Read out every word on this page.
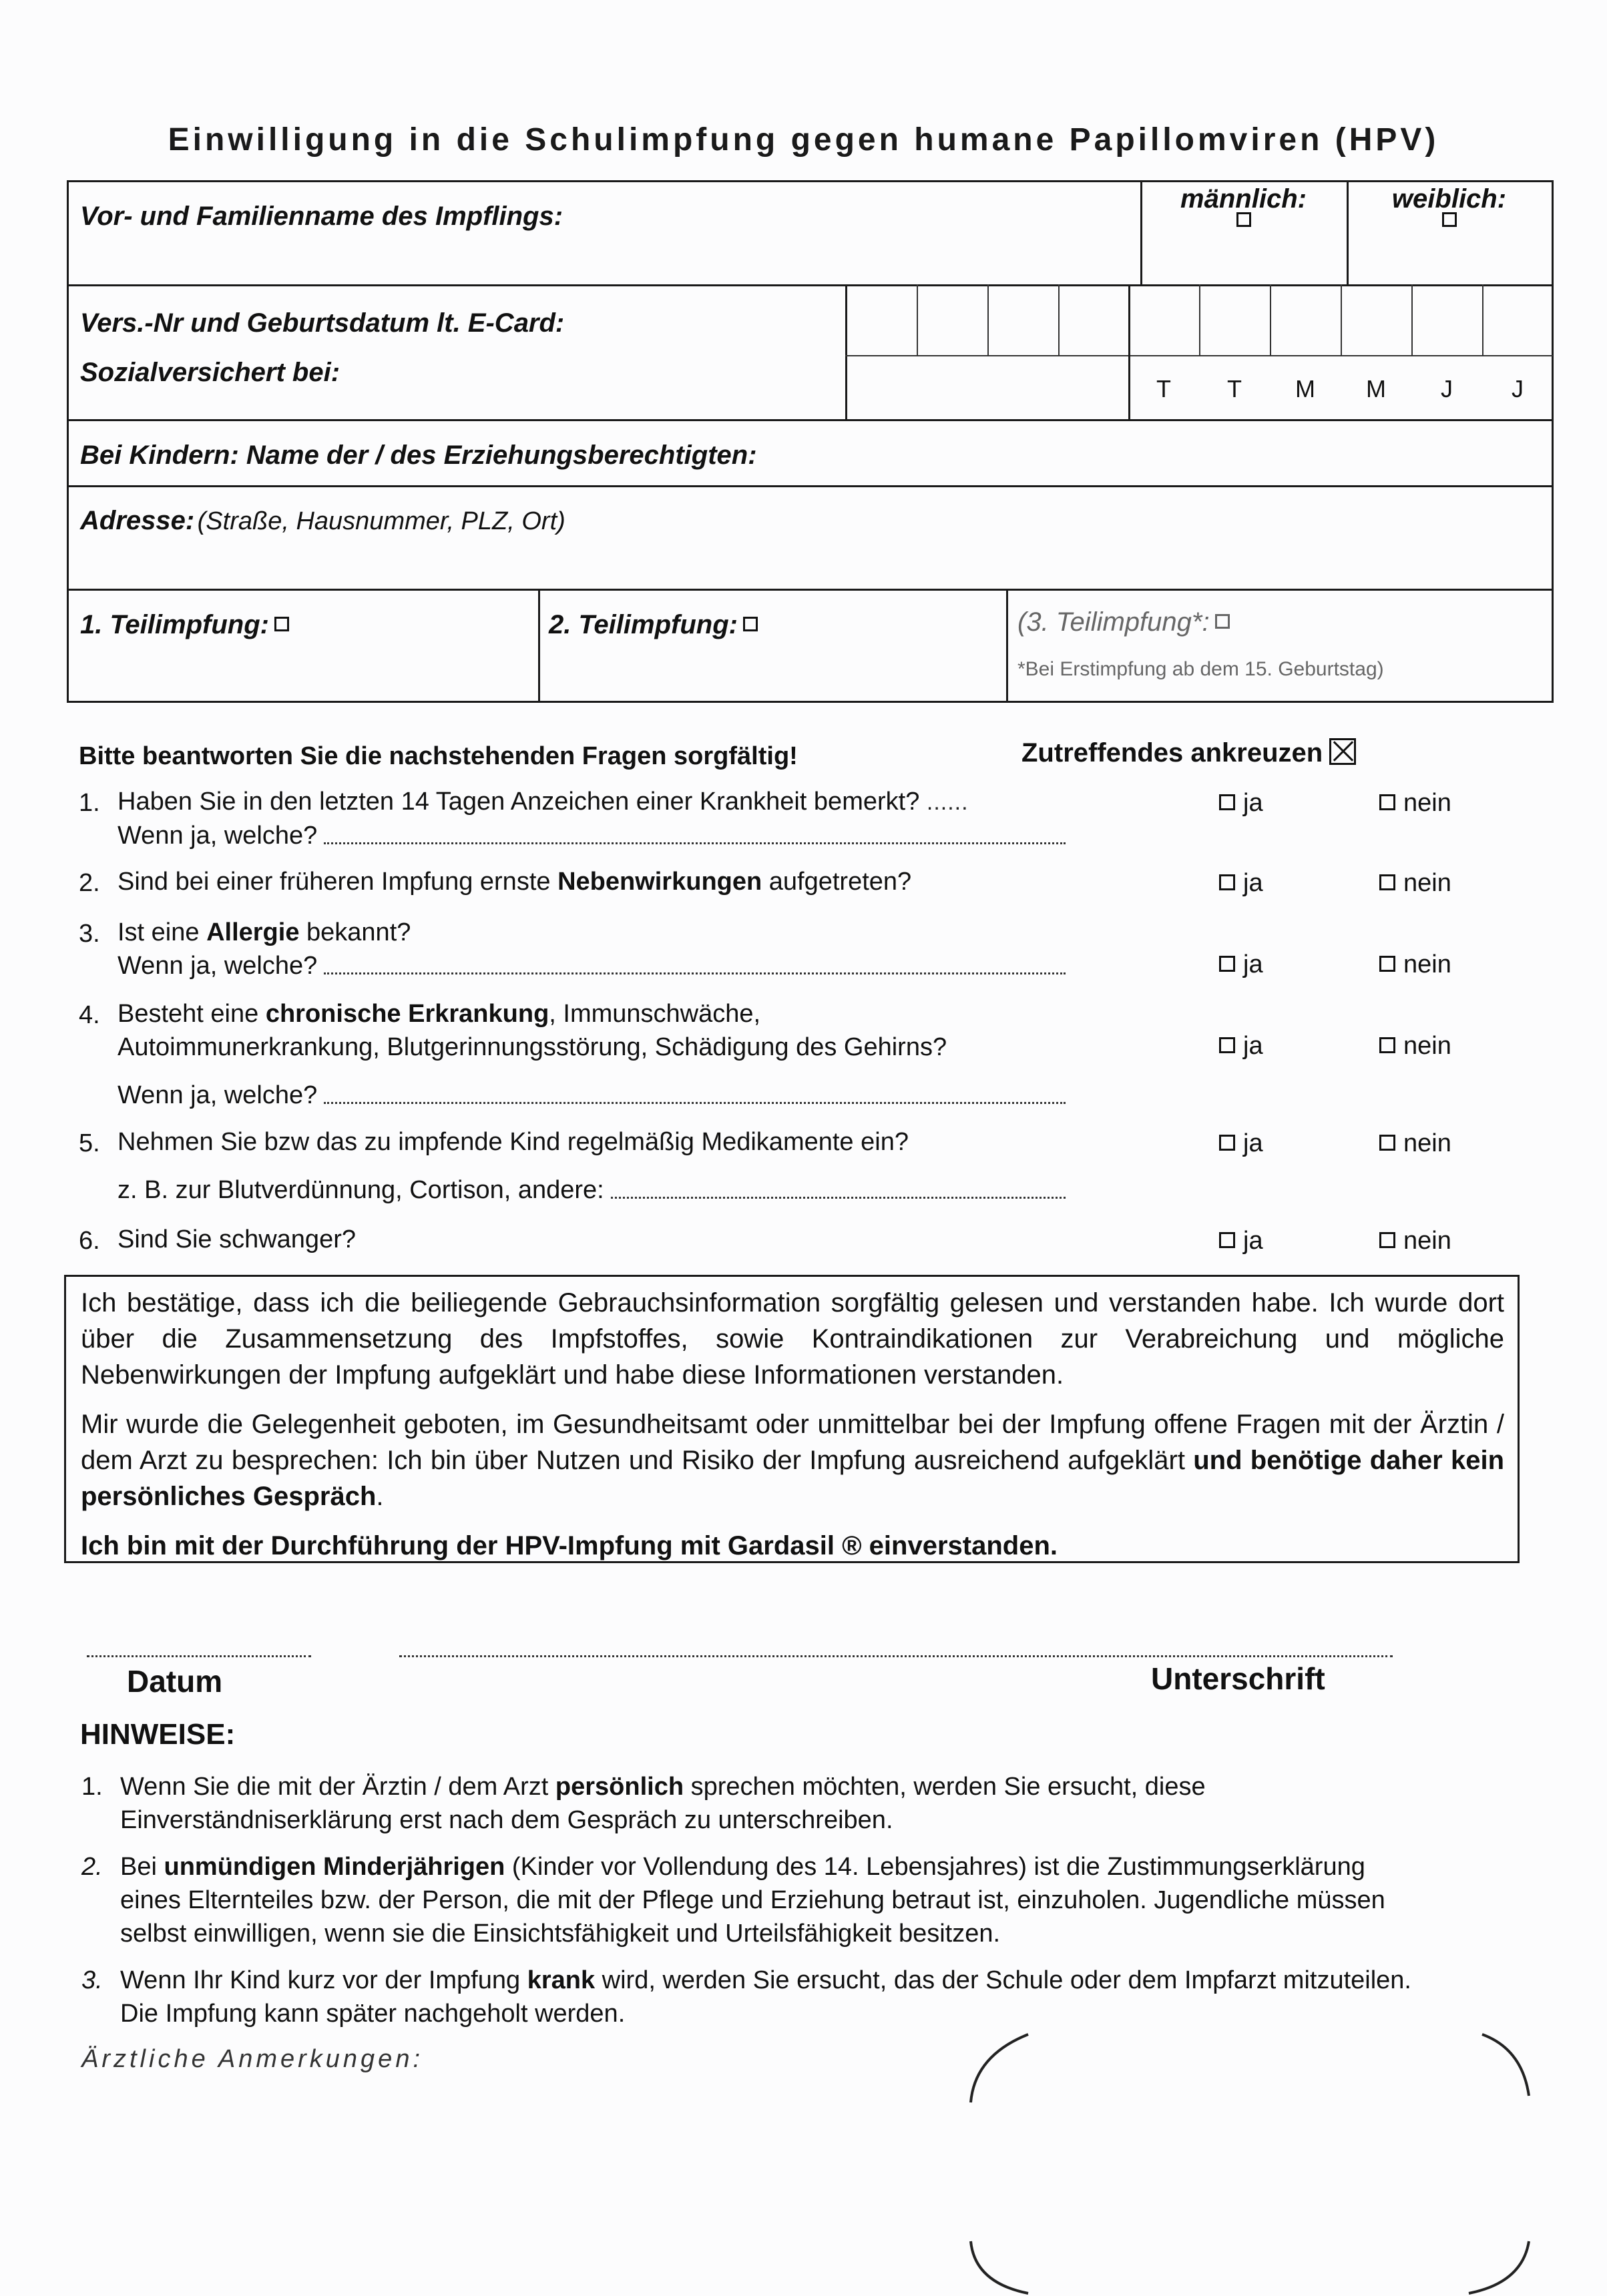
Einwilligung in die Schulimpfung gegen humane Papillomviren (HPV)
Vor- und Familienname des Impflings:
männlich:	weiblich:
Vers.-Nr und Geburtsdatum lt. E-Card:
Sozialversichert bei:
T	T	M	M	J	J
Bei Kindern: Name der / des Erziehungsberechtigten:
Adresse: (Straße, Hausnummer, PLZ, Ort)
1. Teilimpfung:	2. Teilimpfung:	(3. Teilimpfung*:
*Bei Erstimpfung ab dem 15. Geburtstag)
Bitte beantworten Sie die nachstehenden Fragen sorgfältig!	Zutreffendes ankreuzen
1. Haben Sie in den letzten 14 Tagen Anzeichen einer Krankheit bemerkt? ......
Wenn ja, welche?
ja	nein
2. Sind bei einer früheren Impfung ernste Nebenwirkungen aufgetreten?	ja	nein
3. Ist eine Allergie bekannt?
Wenn ja, welche?	ja	nein
4. Besteht eine chronische Erkrankung, Immunschwäche,
Autoimmunerkrankung, Blutgerinnungsstörung, Schädigung des Gehirns?
Wenn ja, welche?
ja	nein
5. Nehmen Sie bzw das zu impfende Kind regelmäßig Medikamente ein?
z. B. zur Blutverdünnung, Cortison, andere:
ja	nein
6. Sind Sie schwanger?	ja	nein
Ich bestätige, dass ich die beiliegende Gebrauchsinformation sorgfältig gelesen und verstanden habe. Ich wurde dort über die Zusammensetzung des Impfstoffes, sowie Kontraindikationen zur Verabreichung und mögliche Nebenwirkungen der Impfung aufgeklärt und habe diese Informationen verstanden.
Mir wurde die Gelegenheit geboten, im Gesundheitsamt oder unmittelbar bei der Impfung offene Fragen mit der Ärztin / dem Arzt zu besprechen: Ich bin über Nutzen und Risiko der Impfung ausreichend aufgeklärt und benötige daher kein persönliches Gespräch.
Ich bin mit der Durchführung der HPV-Impfung mit Gardasil ® einverstanden.
Datum	Unterschrift
HINWEISE:
1. Wenn Sie die mit der Ärztin / dem Arzt persönlich sprechen möchten, werden Sie ersucht, diese
Einverständniserklärung erst nach dem Gespräch zu unterschreiben.
2. Bei unmündigen Minderjährigen (Kinder vor Vollendung des 14. Lebensjahres) ist die Zustimmungserklärung
eines Elternteiles bzw. der Person, die mit der Pflege und Erziehung betraut ist, einzuholen. Jugendliche müssen
selbst einwilligen, wenn sie die Einsichtsfähigkeit und Urteilsfähigkeit besitzen.
3. Wenn Ihr Kind kurz vor der Impfung krank wird, werden Sie ersucht, das der Schule oder dem Impfarzt mitzuteilen.
Die Impfung kann später nachgeholt werden.
Ärztliche Anmerkungen:
